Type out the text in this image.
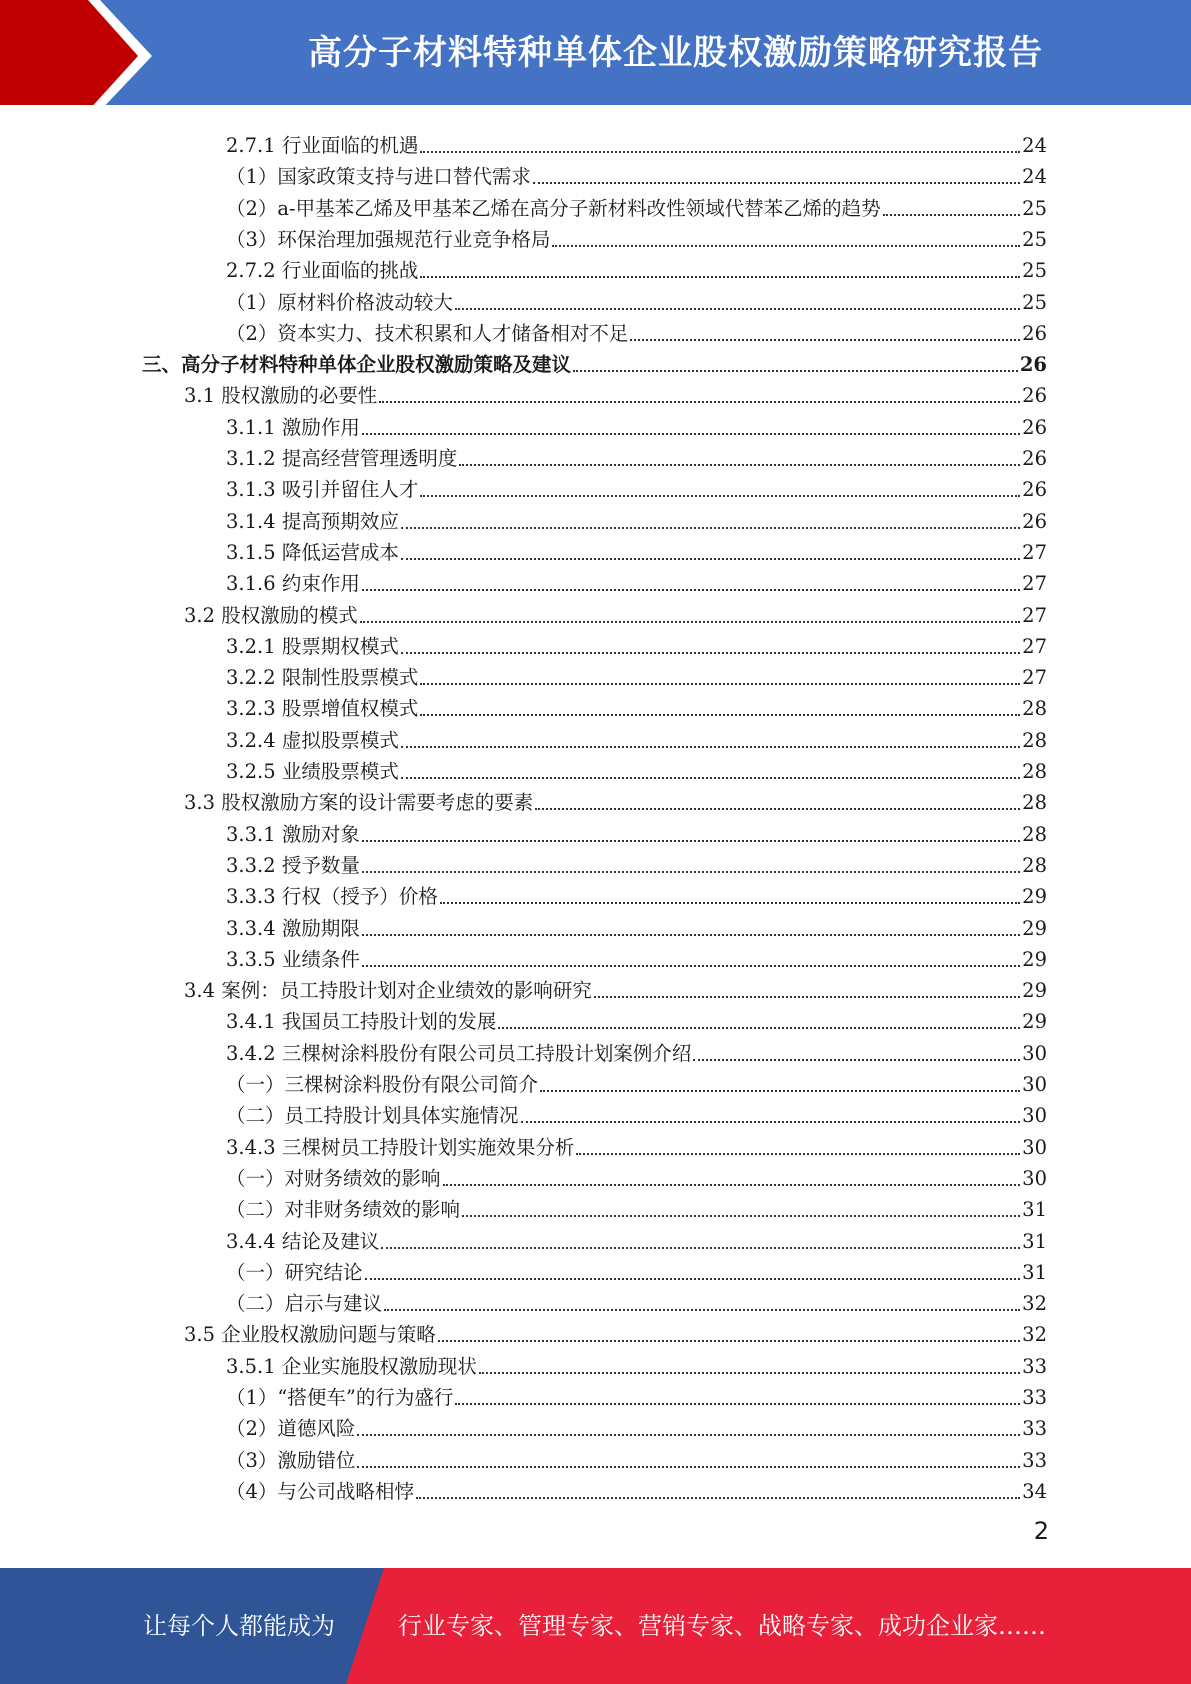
高分子材料特种单体企业股权激励策略研究报告
2.7.1 行业面临的机遇	24
（1）国家政策支持与进口替代需求	24
（2）a-甲基苯乙烯及甲基苯乙烯在高分子新材料改性领域代替苯乙烯的趋势	25
（3）环保治理加强规范行业竞争格局	25
2.7.2 行业面临的挑战	25
（1）原材料价格波动较大	25
（2）资本实力、技术积累和人才储备相对不足	26
三、高分子材料特种单体企业股权激励策略及建议	26
3.1 股权激励的必要性	26
3.1.1 激励作用	26
3.1.2 提高经营管理透明度	26
3.1.3 吸引并留住人才	26
3.1.4 提高预期效应	26
3.1.5 降低运营成本	27
3.1.6 约束作用	27
3.2 股权激励的模式	27
3.2.1 股票期权模式	27
3.2.2 限制性股票模式	27
3.2.3 股票增值权模式	28
3.2.4 虚拟股票模式	28
3.2.5 业绩股票模式	28
3.3 股权激励方案的设计需要考虑的要素	28
3.3.1 激励对象	28
3.3.2 授予数量	28
3.3.3 行权（授予）价格	29
3.3.4 激励期限	29
3.3.5 业绩条件	29
3.4 案例：员工持股计划对企业绩效的影响研究	29
3.4.1 我国员工持股计划的发展	29
3.4.2 三棵树涂料股份有限公司员工持股计划案例介绍	30
（一）三棵树涂料股份有限公司简介	30
（二）员工持股计划具体实施情况	30
3.4.3 三棵树员工持股计划实施效果分析	30
（一）对财务绩效的影响	30
（二）对非财务绩效的影响	31
3.4.4 结论及建议	31
（一）研究结论	31
（二）启示与建议	32
3.5 企业股权激励问题与策略	32
3.5.1 企业实施股权激励现状	33
（1）“搭便车”的行为盛行	33
（2）道德风险	33
（3）激励错位	33
（4）与公司战略相悖	34
2
让每个人都能成为	行业专家、管理专家、营销专家、战略专家、成功企业家……
